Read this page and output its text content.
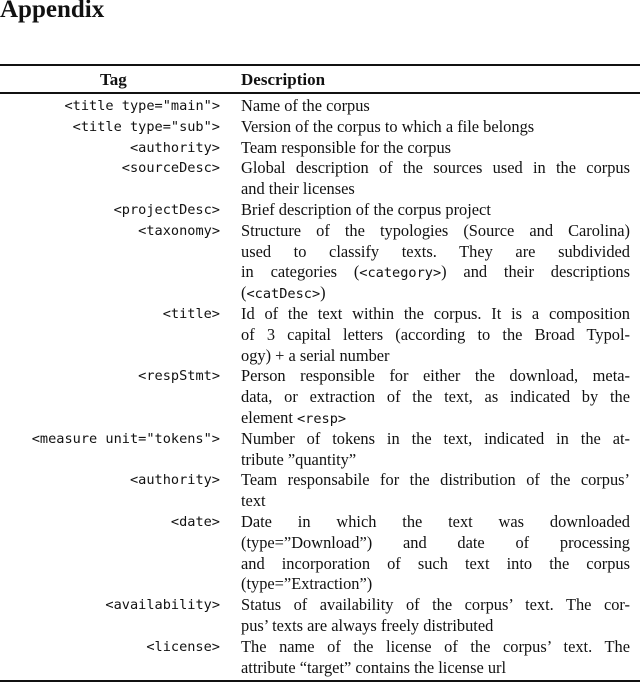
Appendix
Tag	Description
<title type="main"> Name of the corpus
<title type="sub"> Version of the corpus to which a file belongs
<authority> Team responsible for the corpus
<sourceDesc> Global description of the sources used in the corpus
and their licenses
<projectDesc> Brief description of the corpus project
<taxonomy> Structure of the typologies (Source and Carolina)
used to classify texts. They are subdivided
in categories (<category>) and their descriptions
(<catDesc>)
<title> Id of the text within the corpus. It is a composition
of 3 capital letters (according to the Broad Typol-
ogy) + a serial number
<respStmt> Person responsible for either the download, meta-
data, or extraction of the text, as indicated by the
element <resp>
<measure unit="tokens"> Number of tokens in the text, indicated in the at-
tribute ”quantity”
<authority> Team responsabile for the distribution of the corpus’
text
<date> Date in which the text was downloaded
(type=”Download”) and date of processing
and incorporation of such text into the corpus
(type=”Extraction”)
<availability> Status of availability of the corpus’ text. The cor-
pus’ texts are always freely distributed
<license> The name of the license of the corpus’ text. The
attribute “target” contains the license url
